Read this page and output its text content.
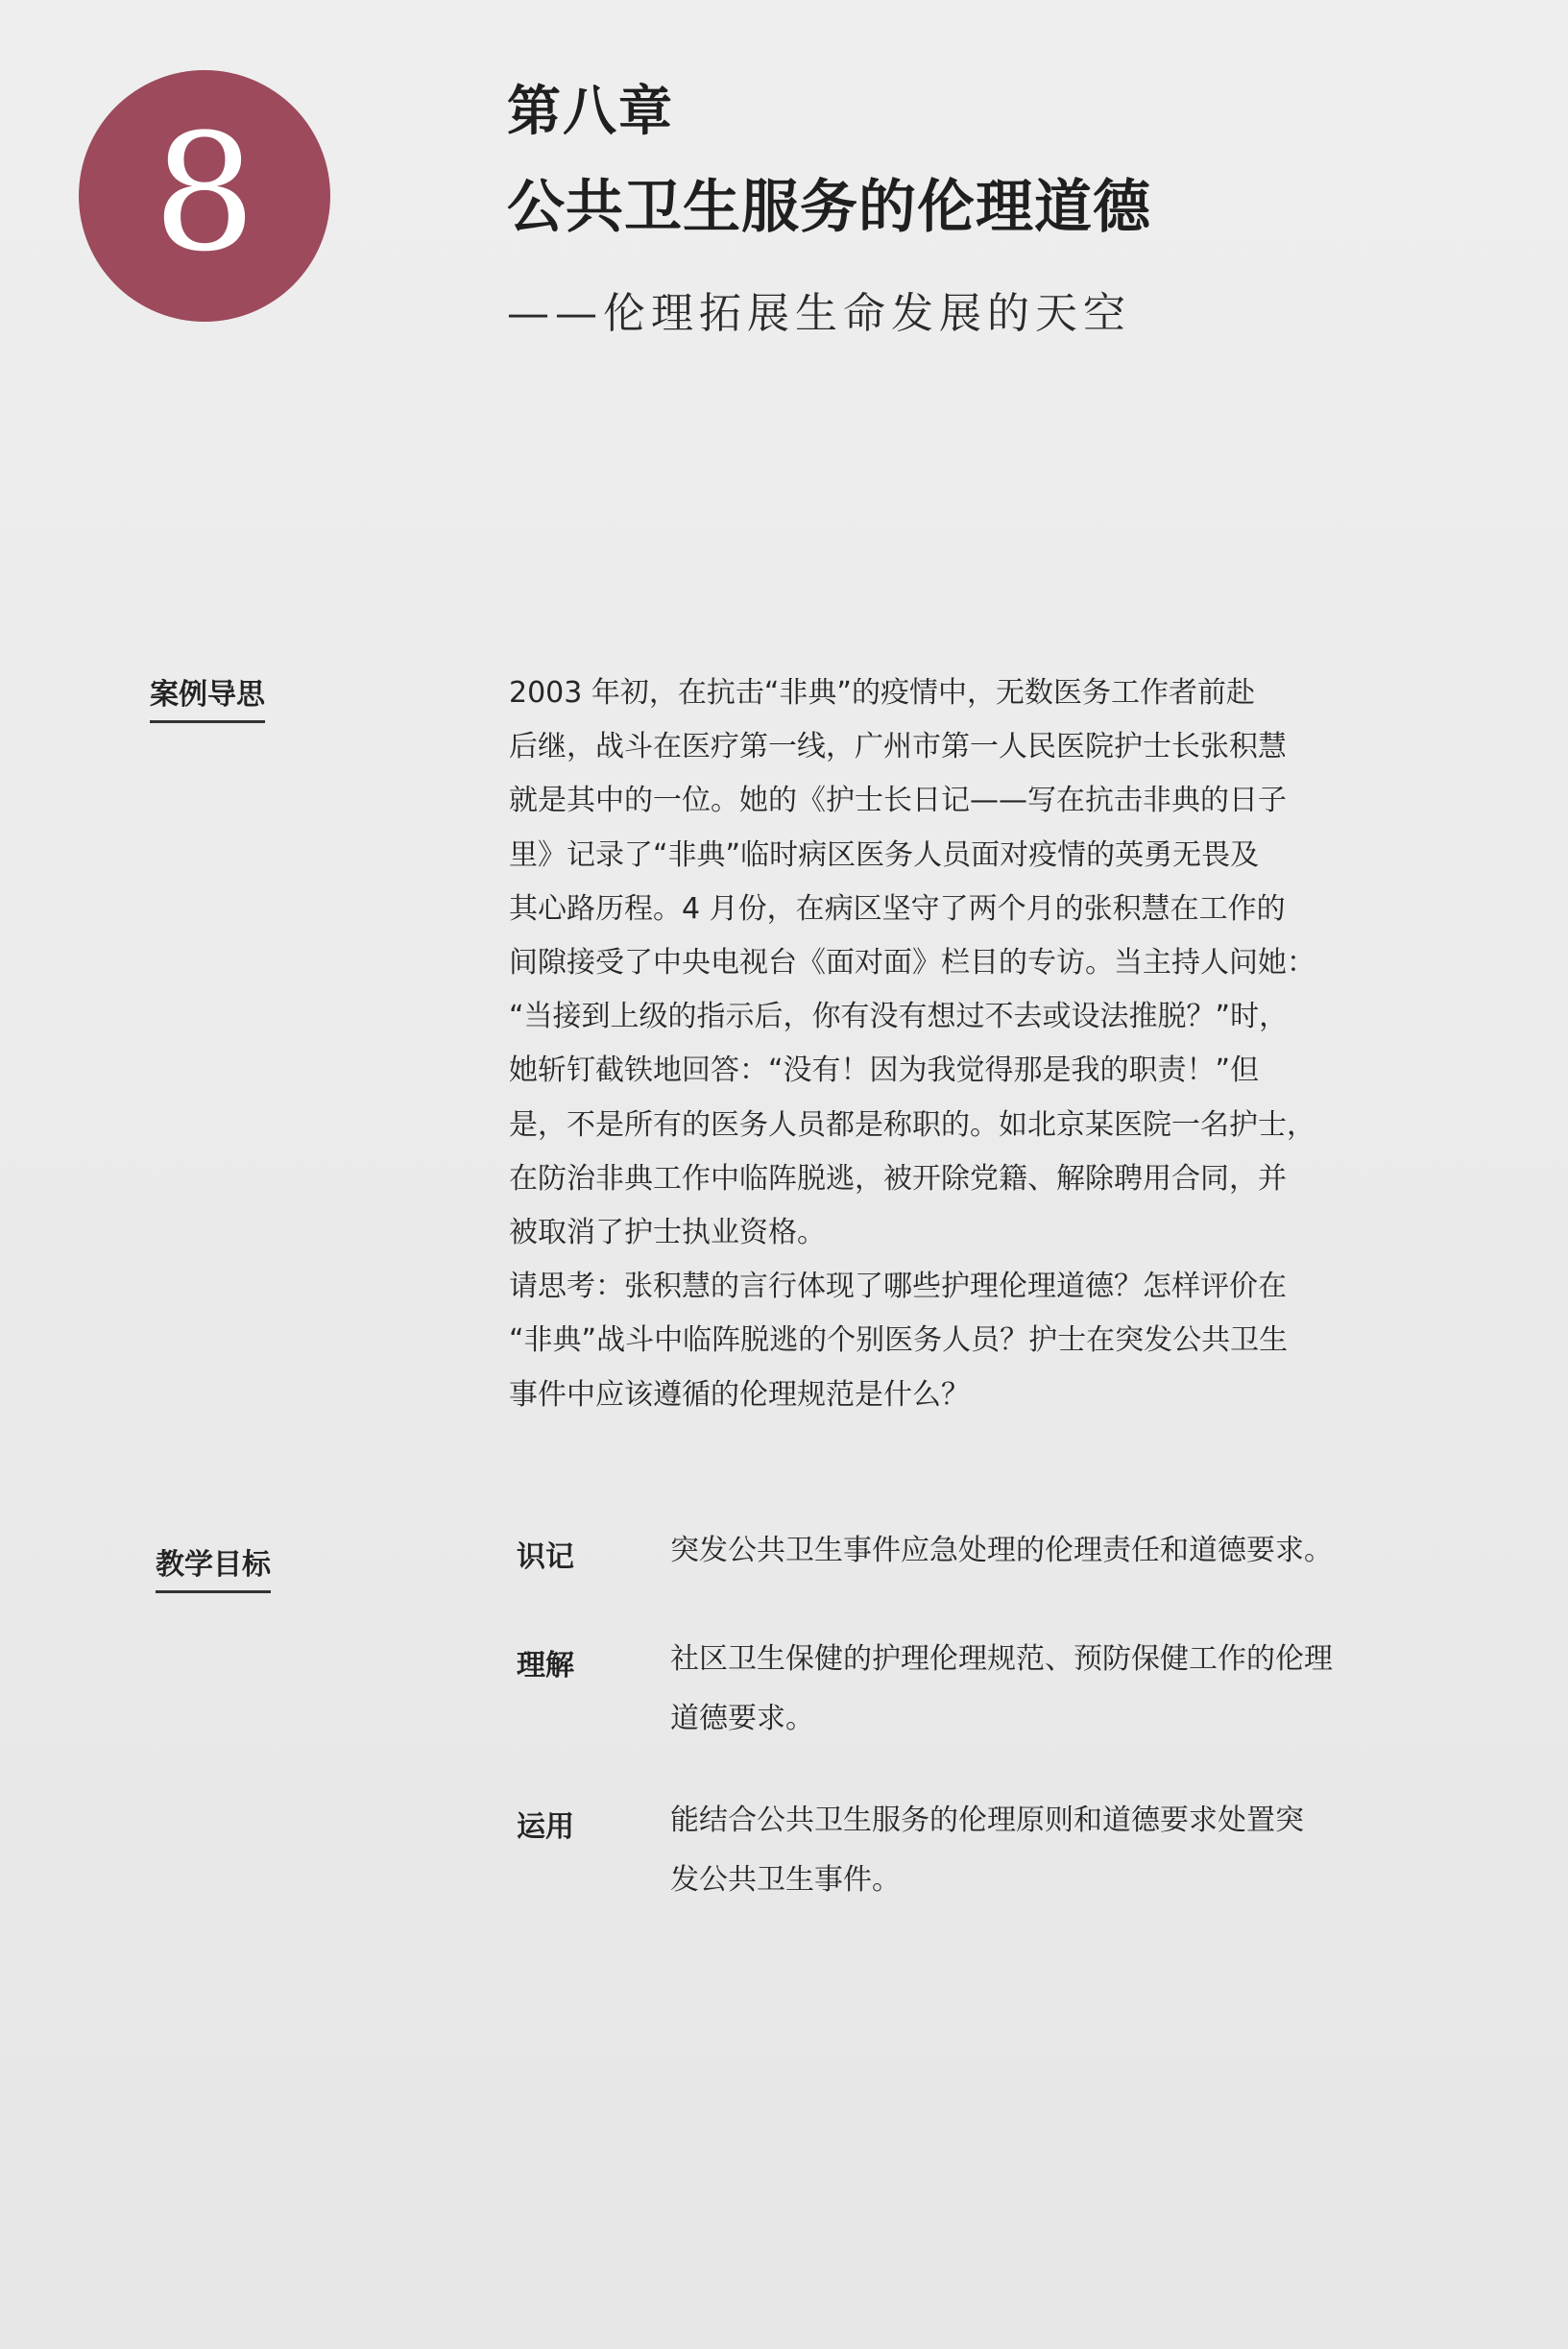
8	第八章
公共卫生服务的伦理道德
——伦理拓展生命发展的天空
案例导思	2003 年初，在抗击“非典”的疫情中，无数医务工作者前赴
后继，战斗在医疗第一线，广州市第一人民医院护士长张积慧
就是其中的一位。她的《护士长日记——写在抗击非典的日子
里》记录了“非典”临时病区医务人员面对疫情的英勇无畏及
其心路历程。4 月份，在病区坚守了两个月的张积慧在工作的
间隙接受了中央电视台《面对面》栏目的专访。当主持人问她：
“当接到上级的指示后，你有没有想过不去或设法推脱？”时，
她斩钉截铁地回答：“没有！因为我觉得那是我的职责！”但
是，不是所有的医务人员都是称职的。如北京某医院一名护士，
在防治非典工作中临阵脱逃，被开除党籍、解除聘用合同，并
被取消了护士执业资格。
请思考：张积慧的言行体现了哪些护理伦理道德？怎样评价在
“非典”战斗中临阵脱逃的个别医务人员？护士在突发公共卫生
事件中应该遵循的伦理规范是什么？
教学目标	识记	突发公共卫生事件应急处理的伦理责任和道德要求。
理解	社区卫生保健的护理伦理规范、预防保健工作的伦理
道德要求。
运用	能结合公共卫生服务的伦理原则和道德要求处置突
发公共卫生事件。
